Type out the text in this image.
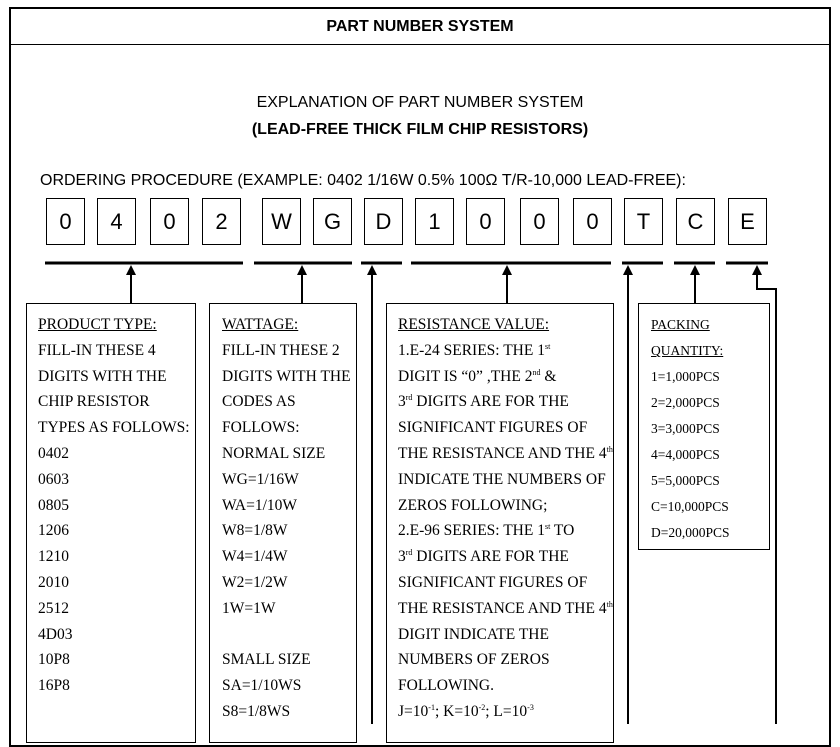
PART NUMBER SYSTEM
EXPLANATION OF PART NUMBER SYSTEM
(LEAD-FREE THICK FILM CHIP RESISTORS)
ORDERING PROCEDURE (EXAMPLE: 0402 1/16W 0.5% 100Ω T/R-10,000 LEAD-FREE):
0	4	0	2	W	G	D	1	0	0	0	T	C	E
PRODUCT TYPE:
FILL-IN THESE 4
DIGITS WITH THE
CHIP RESISTOR
TYPES AS FOLLOWS:
0402
0603
0805
1206
1210
2010
2512
4D03
10P8
16P8
WATTAGE:
FILL-IN THESE 2
DIGITS WITH THE
CODES AS
FOLLOWS:
NORMAL SIZE
WG=1/16W
WA=1/10W
W8=1/8W
W4=1/4W
W2=1/2W
1W=1W

SMALL SIZE
SA=1/10WS
S8=1/8WS
RESISTANCE VALUE:
1.E-24 SERIES: THE 1st
DIGIT IS “0” ,THE 2nd &
3rd DIGITS ARE FOR THE
SIGNIFICANT FIGURES OF
THE RESISTANCE AND THE 4th
INDICATE THE NUMBERS OF
ZEROS FOLLOWING;
2.E-96 SERIES: THE 1st TO
3rd DIGITS ARE FOR THE
SIGNIFICANT FIGURES OF
THE RESISTANCE AND THE 4th
DIGIT INDICATE THE
NUMBERS OF ZEROS
FOLLOWING.
$J=10^{-1}$; $K=10^{-2}$; $L=10^{-3}$
PACKING
QUANTITY:
1=1,000PCS
2=2,000PCS
3=3,000PCS
4=4,000PCS
5=5,000PCS
C=10,000PCS
D=20,000PCS
